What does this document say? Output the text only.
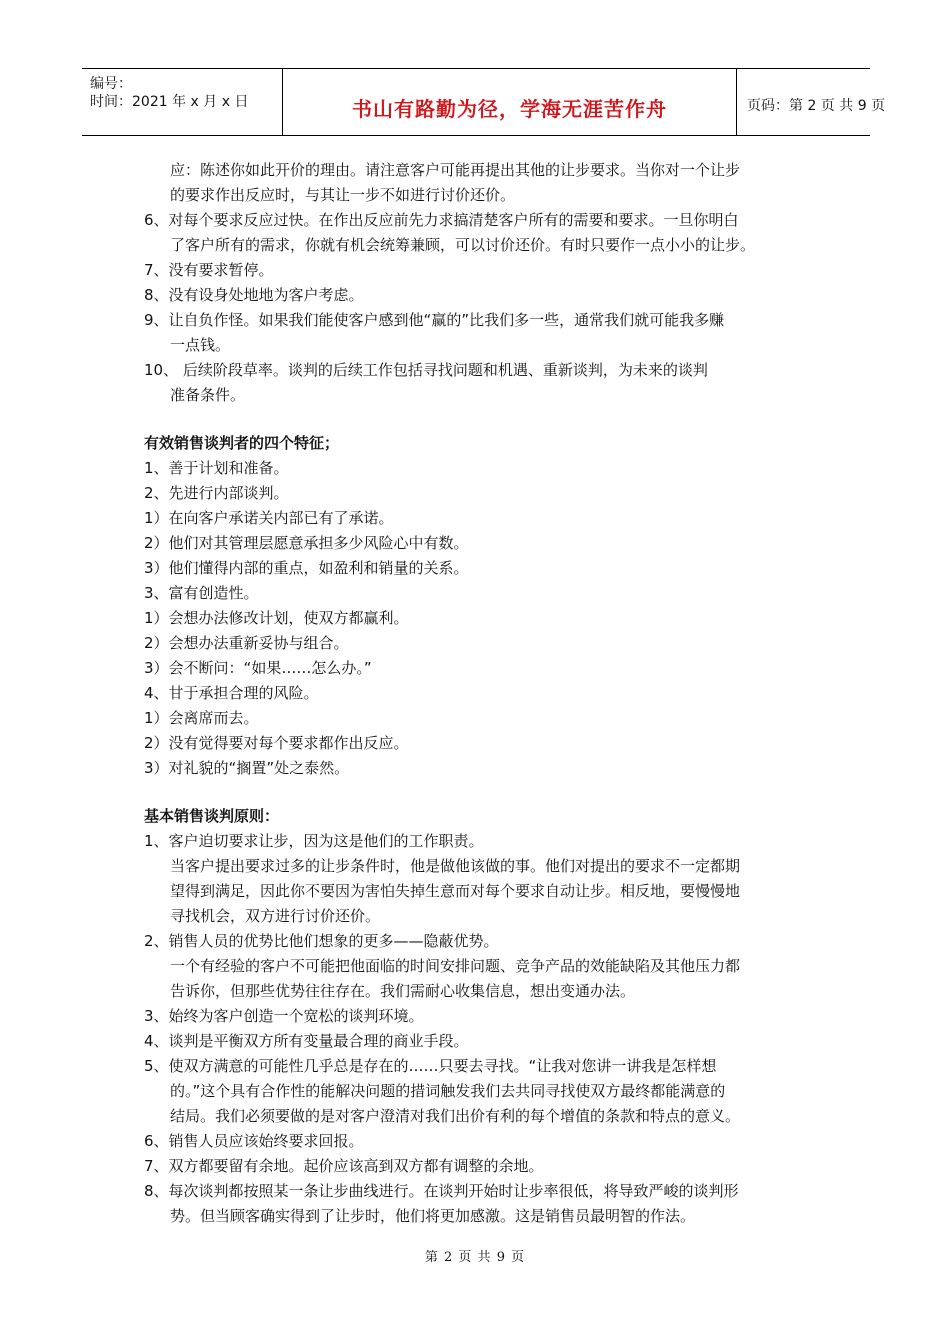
编号：
时间：2021 年 x 月 x 日	书山有路勤为径，学海无涯苦作舟	页码：第 2 页 共 9 页
应：陈述你如此开价的理由。请注意客户可能再提出其他的让步要求。当你对一个让步
的要求作出反应时，与其让一步不如进行讨价还价。
6、对每个要求反应过快。在作出反应前先力求搞清楚客户所有的需要和要求。一旦你明白
了客户所有的需求，你就有机会统筹兼顾，可以讨价还价。有时只要作一点小小的让步。
7、没有要求暂停。
8、没有设身处地地为客户考虑。
9、让自负作怪。如果我们能使客户感到他“赢的”比我们多一些，通常我们就可能我多赚
一点钱。
10、 后续阶段草率。谈判的后续工作包括寻找问题和机遇、重新谈判，为未来的谈判
准备条件。
有效销售谈判者的四个特征；
1、善于计划和准备。
2、先进行内部谈判。
1）在向客户承诺关内部已有了承诺。
2）他们对其管理层愿意承担多少风险心中有数。
3）他们懂得内部的重点，如盈利和销量的关系。
3、富有创造性。
1）会想办法修改计划，使双方都赢利。
2）会想办法重新妥协与组合。
3）会不断问：“如果……怎么办。”
4、甘于承担合理的风险。
1）会离席而去。
2）没有觉得要对每个要求都作出反应。
3）对礼貌的“搁置”处之泰然。
基本销售谈判原则：
1、客户迫切要求让步，因为这是他们的工作职责。
当客户提出要求过多的让步条件时，他是做他该做的事。他们对提出的要求不一定都期
望得到满足，因此你不要因为害怕失掉生意而对每个要求自动让步。相反地，要慢慢地
寻找机会，双方进行讨价还价。
2、销售人员的优势比他们想象的更多——隐蔽优势。
一个有经验的客户不可能把他面临的时间安排问题、竞争产品的效能缺陷及其他压力都
告诉你，但那些优势往往存在。我们需耐心收集信息，想出变通办法。
3、始终为客户创造一个宽松的谈判环境。
4、谈判是平衡双方所有变量最合理的商业手段。
5、使双方满意的可能性几乎总是存在的……只要去寻找。“让我对您讲一讲我是怎样想
的。”这个具有合作性的能解决问题的措词触发我们去共同寻找使双方最终都能满意的
结局。我们必须要做的是对客户澄清对我们出价有利的每个增值的条款和特点的意义。
6、销售人员应该始终要求回报。
7、双方都要留有余地。起价应该高到双方都有调整的余地。
8、每次谈判都按照某一条让步曲线进行。在谈判开始时让步率很低，将导致严峻的谈判形
势。但当顾客确实得到了让步时，他们将更加感激。这是销售员最明智的作法。
第 2 页 共 9 页
